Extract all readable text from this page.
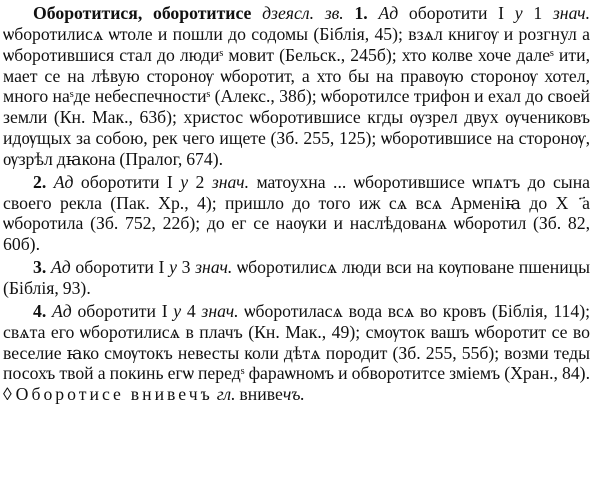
Оборотитися, оборотитисе дзеясл. зв. 1. Ад оборотити І у 1 знач. ѡборотилисѧ ѡтоле и пошли до содомы (Біблія, 45); взѧл книгѹ и розгнул а ѡборотившися стал до людиˢ мовит (Бельск., 245б); хто колве хоче далеˢ ити, мает се на лѣвую сторонѹ ѡборотит, а хто бы на правѹю сторонѹ хотел, много наˢде небеспечностиˢ (Алекс., 38б); ѡборотилсе трифон и ехал до своей земли (Кн. Мак., 63б); христос ѡборотившисе кгды ѹзрел двух ѹчениковъ идѹщых за собою, рек чего ищете (Зб. 255, 125); ѡборотившисе на сторонѹ, ѹзрѣл дꙗкона (Пралог, 674).

2. Ад оборотити І у 2 знач. матоухна ... ѡборотившисе ѡпѧтъ до сына своего рекла (Пак. Хр., 4); пришло до того иж сѧ всѧ Арменіꙗ до Хⷭ҃а ѡборотила (Зб. 752, 22б); до ег се наѹки и наслѣдованѧ ѡборотил (Зб. 82, 60б).

3. Ад оборотити І у 3 знач. ѡборотилисѧ люди вси на кѹповане пшеницы (Біблія, 93).

4. Ад оборотити І у 4 знач. ѡборотиласѧ вода всѧ во кровъ (Біблія, 114); свѧта его ѡборотилисѧ в плачъ (Кн. Мак., 49); смѹток вашъ ѡборотит се во веселие ꙗко смѹтокъ невесты коли дѣтѧ породит (Зб. 255, 55б); возми теды посохъ твой а покинь егѡ передˢ фараѡномъ и обворотитсе зміемъ (Хран., 84). ◊ Оборотисе внивечъ гл. внивечъ.
